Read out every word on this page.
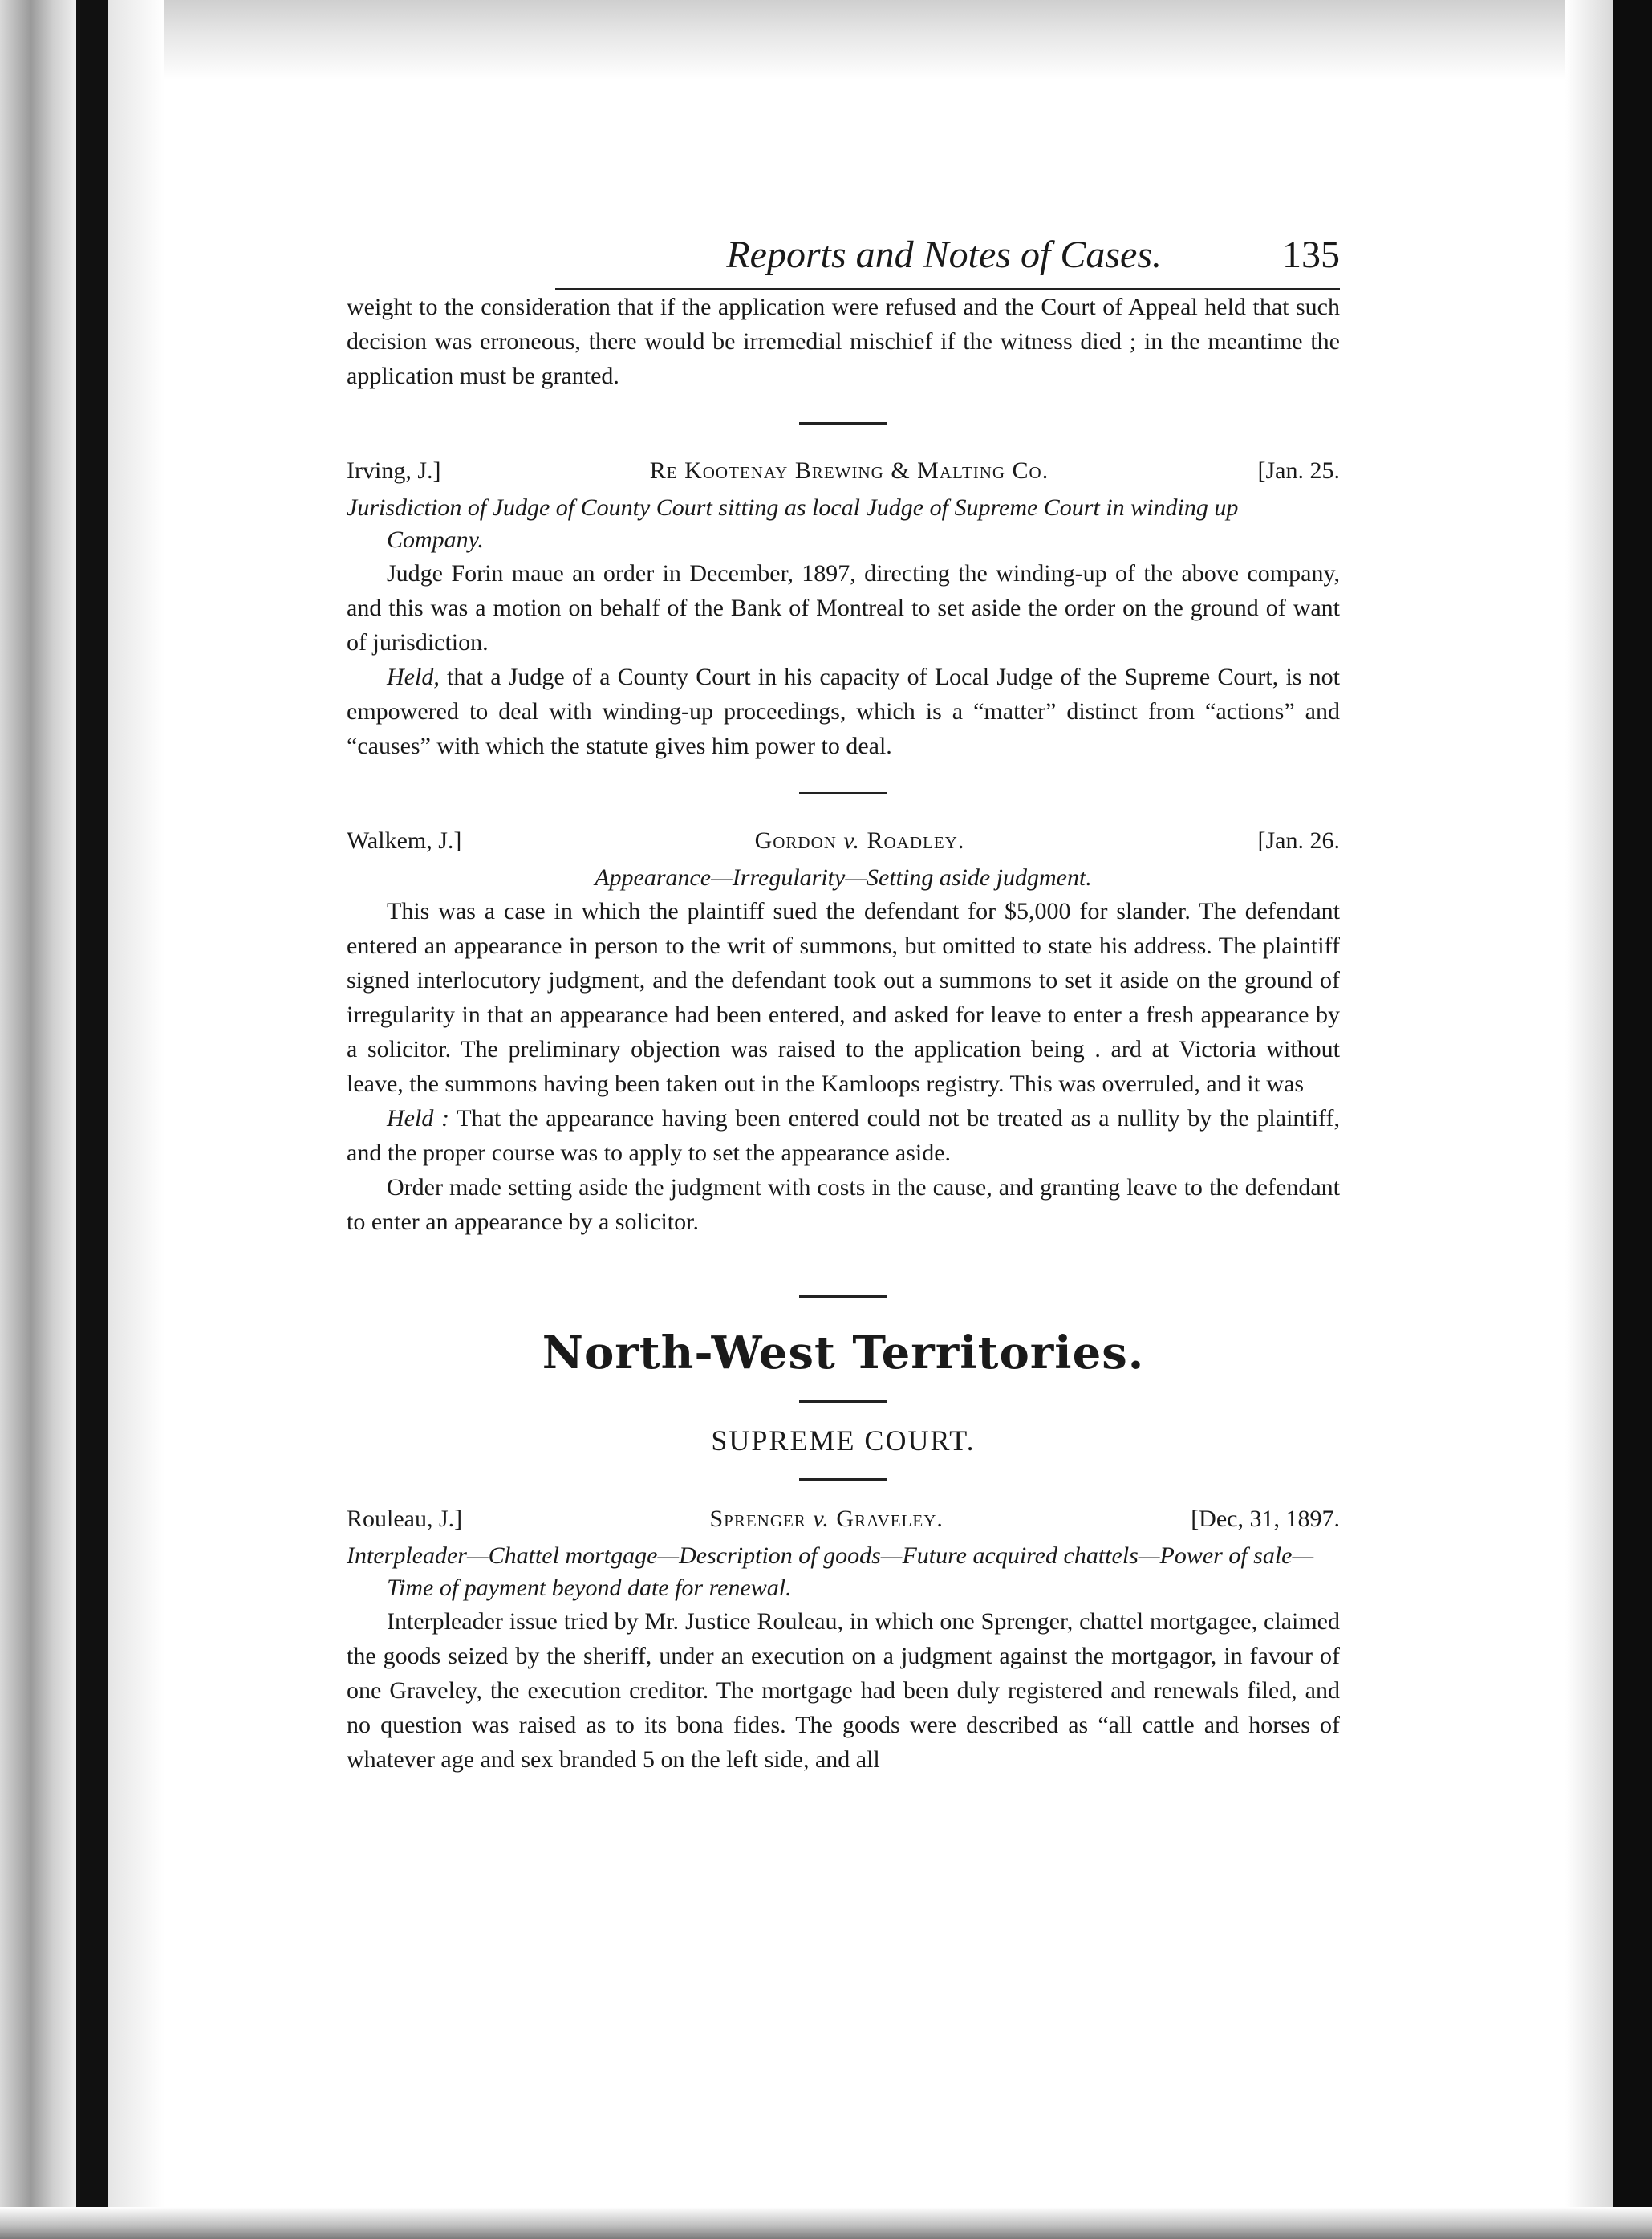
Reports and Notes of Cases.	135

weight to the consideration that if the application were refused and the Court of Appeal held that such decision was erroneous, there would be irremedial mischief if the witness died ; in the meantime the application must be granted.

Irving, J.]	Re Kootenay Brewing & Malting Co.	[Jan. 25.

Jurisdiction of Judge of County Court sitting as local Judge of Supreme Court in winding up Company.

Judge Forin maue an order in December, 1897, directing the winding-up of the above company, and this was a motion on behalf of the Bank of Montreal to set aside the order on the ground of want of jurisdiction.

Held, that a Judge of a County Court in his capacity of Local Judge of the Supreme Court, is not empowered to deal with winding-up proceedings, which is a “matter” distinct from “actions” and “causes” with which the statute gives him power to deal.

Walkem, J.]	Gordon v. Roadley.	[Jan. 26.

Appearance—Irregularity—Setting aside judgment.

This was a case in which the plaintiff sued the defendant for $5,000 for slander. The defendant entered an appearance in person to the writ of summons, but omitted to state his address. The plaintiff signed interlocutory judgment, and the defendant took out a summons to set it aside on the ground of irregularity in that an appearance had been entered, and asked for leave to enter a fresh appearance by a solicitor. The preliminary objection was raised to the application being . ard at Victoria without leave, the summons having been taken out in the Kamloops registry. This was overruled, and it was

Held : That the appearance having been entered could not be treated as a nullity by the plaintiff, and the proper course was to apply to set the appearance aside.

Order made setting aside the judgment with costs in the cause, and granting leave to the defendant to enter an appearance by a solicitor.

North-West Territories.
SUPREME COURT.
Rouleau, J.]	Sprenger v. Graveley.	[Dec, 31, 1897.

Interpleader—Chattel mortgage—Description of goods—Future acquired chattels—Power of sale—Time of payment beyond date for renewal.

Interpleader issue tried by Mr. Justice Rouleau, in which one Sprenger, chattel mortgagee, claimed the goods seized by the sheriff, under an execution on a judgment against the mortgagor, in favour of one Graveley, the execution creditor. The mortgage had been duly registered and renewals filed, and no question was raised as to its bona fides. The goods were described as “all cattle and horses of whatever age and sex branded 5 on the left side, and all
